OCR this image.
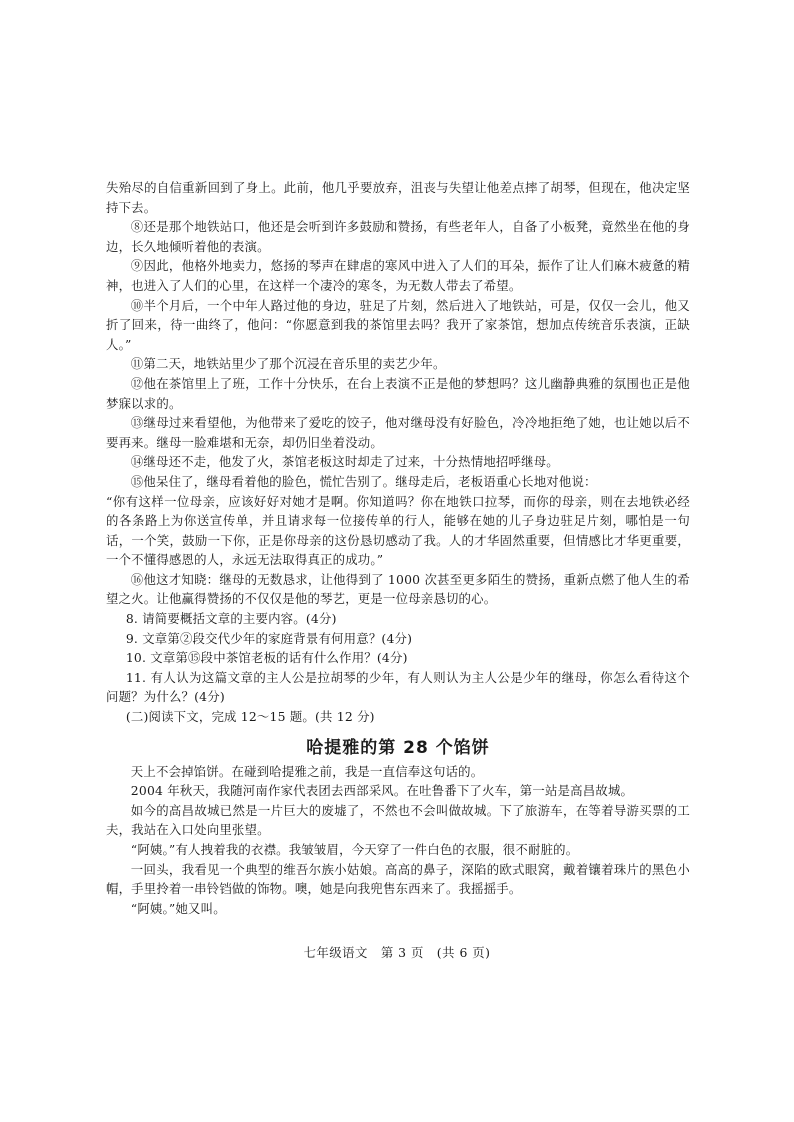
失殆尽的自信重新回到了身上。此前，他几乎要放弃，沮丧与失望让他差点摔了胡琴，但现在，他决定坚持下去。

⑧还是那个地铁站口，他还是会听到许多鼓励和赞扬，有些老年人，自备了小板凳，竟然坐在他的身边，长久地倾听着他的表演。

⑨因此，他格外地卖力，悠扬的琴声在肆虐的寒风中进入了人们的耳朵，振作了让人们麻木疲惫的精神，也进入了人们的心里，在这样一个凄冷的寒冬，为无数人带去了希望。

⑩半个月后，一个中年人路过他的身边，驻足了片刻，然后进入了地铁站，可是，仅仅一会儿，他又折了回来，待一曲终了，他问：“你愿意到我的茶馆里去吗？我开了家茶馆，想加点传统音乐表演，正缺人。”

⑪第二天，地铁站里少了那个沉浸在音乐里的卖艺少年。

⑫他在茶馆里上了班，工作十分快乐，在台上表演不正是他的梦想吗？这儿幽静典雅的氛围也正是他梦寐以求的。

⑬继母过来看望他，为他带来了爱吃的饺子，他对继母没有好脸色，冷冷地拒绝了她，也让她以后不要再来。继母一脸难堪和无奈，却仍旧坐着没动。

⑭继母还不走，他发了火，茶馆老板这时却走了过来，十分热情地招呼继母。

⑮他呆住了，继母看着他的脸色，慌忙告别了。继母走后，老板语重心长地对他说：

“你有这样一位母亲，应该好好对她才是啊。你知道吗？你在地铁口拉琴，而你的母亲，则在去地铁必经的各条路上为你送宣传单，并且请求每一位接传单的行人，能够在她的儿子身边驻足片刻，哪怕是一句话，一个笑，鼓励一下你，正是你母亲的这份恳切感动了我。人的才华固然重要，但情感比才华更重要，一个不懂得感恩的人，永远无法取得真正的成功。”

⑯他这才知晓：继母的无数恳求，让他得到了 1000 次甚至更多陌生的赞扬，重新点燃了他人生的希望之火。让他赢得赞扬的不仅仅是他的琴艺，更是一位母亲恳切的心。

8. 请简要概括文章的主要内容。(4分)

9. 文章第②段交代少年的家庭背景有何用意？(4分)

10. 文章第⑮段中茶馆老板的话有什么作用？(4分)

11. 有人认为这篇文章的主人公是拉胡琴的少年，有人则认为主人公是少年的继母，你怎么看待这个问题？为什么？(4分)

(二)阅读下文，完成 12～15 题。(共 12 分)

哈提雅的第 28 个馅饼

天上不会掉馅饼。在碰到哈提雅之前，我是一直信奉这句话的。

2004 年秋天，我随河南作家代表团去西部采风。在吐鲁番下了火车，第一站是高昌故城。

如今的高昌故城已然是一片巨大的废墟了，不然也不会叫做故城。下了旅游车，在等着导游买票的工夫，我站在入口处向里张望。

“阿姨。”有人拽着我的衣襟。我皱皱眉，今天穿了一件白色的衣服，很不耐脏的。

一回头，我看见一个典型的维吾尔族小姑娘。高高的鼻子，深陷的欧式眼窝，戴着镶着珠片的黑色小帽，手里拎着一串铃铛做的饰物。噢，她是向我兜售东西来了。我摇摇手。

“阿姨。”她又叫。

七年级语文　第 3 页　(共 6 页)
